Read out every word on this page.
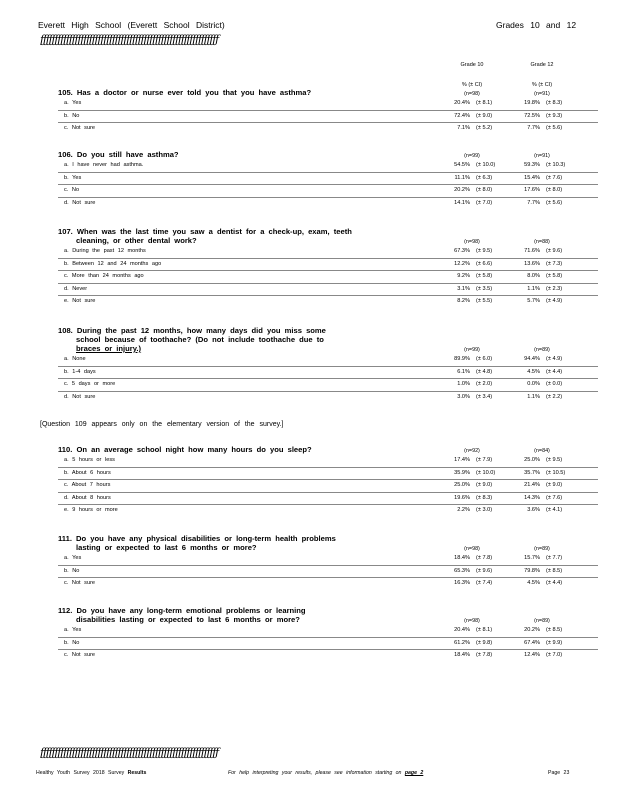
Everett High School (Everett School District)	Grades 10 and 12
ƒƒƒƒƒƒƒƒƒƒƒƒƒƒƒƒƒƒƒƒƒƒƒƒƒƒƒƒƒƒƒƒƒƒƒƒƒƒƒƒƒƒƒƒƒƒƒƒƒƒƒƒƒƒƒƒƒƒƒƒƒƒ
Grade 10	Grade 12
% (± CI)	% (± CI)
105. Has a doctor or nurse ever told you that you have asthma?	(n=98)	(n=91)
a. Yes	20.4% (± 8.1)	19.8% (± 8.3)
b. No	72.4% (± 9.0)	72.5% (± 9.3)
c. Not sure	7.1% (± 5.2)	7.7% (± 5.6)
106. Do you still have asthma?	(n=99)	(n=91)
a. I have never had asthma.	54.5% (± 10.0)	59.3% (± 10.3)
b. Yes	11.1% (± 6.3)	15.4% (± 7.6)
c. No	20.2% (± 8.0)	17.6% (± 8.0)
d. Not sure	14.1% (± 7.0)	7.7% (± 5.6)
107. When was the last time you saw a dentist for a check-up, exam, teeth
cleaning, or other dental work?	(n=98)	(n=88)
a. During the past 12 months	67.3% (± 9.5)	71.6% (± 9.6)
b. Between 12 and 24 months ago	12.2% (± 6.6)	13.6% (± 7.3)
c. More than 24 months ago	9.2% (± 5.8)	8.0% (± 5.8)
d. Never	3.1% (± 3.5)	1.1% (± 2.3)
e. Not sure	8.2% (± 5.5)	5.7% (± 4.9)
108. During the past 12 months, how many days did you miss some
school because of toothache? (Do not include toothache due to
braces or injury.)	(n=99)	(n=89)
a. None	89.9% (± 6.0)	94.4% (± 4.9)
b. 1-4 days	6.1% (± 4.8)	4.5% (± 4.4)
c. 5 days or more	1.0% (± 2.0)	0.0% (± 0.0)
d. Not sure	3.0% (± 3.4)	1.1% (± 2.2)
110. On an average school night how many hours do you sleep?	(n=92)	(n=84)
a. 5 hours or less	17.4% (± 7.9)	25.0% (± 9.5)
b. About 6 hours	35.9% (± 10.0)	35.7% (± 10.5)
c. About 7 hours	25.0% (± 9.0)	21.4% (± 9.0)
d. About 8 hours	19.6% (± 8.3)	14.3% (± 7.6)
e. 9 hours or more	2.2% (± 3.0)	3.6% (± 4.1)
111. Do you have any physical disabilities or long-term health problems
lasting or expected to last 6 months or more?	(n=98)	(n=89)
a. Yes	18.4% (± 7.8)	15.7% (± 7.7)
b. No	65.3% (± 9.6)	79.8% (± 8.5)
c. Not sure	16.3% (± 7.4)	4.5% (± 4.4)
112. Do you have any long-term emotional problems or learning
disabilities lasting or expected to last 6 months or more?	(n=98)	(n=89)
a. Yes	20.4% (± 8.1)	20.2% (± 8.5)
b. No	61.2% (± 9.8)	67.4% (± 9.9)
c. Not sure	18.4% (± 7.8)	12.4% (± 7.0)
[Question 109 appears only on the elementary version of the survey.]
ƒƒƒƒƒƒƒƒƒƒƒƒƒƒƒƒƒƒƒƒƒƒƒƒƒƒƒƒƒƒƒƒƒƒƒƒƒƒƒƒƒƒƒƒƒƒƒƒƒƒƒƒƒƒƒƒƒƒƒƒƒƒ
Healthy Youth Survey 2018 Survey Results	For help interpreting your results, please see information starting on page 2	Page 23
